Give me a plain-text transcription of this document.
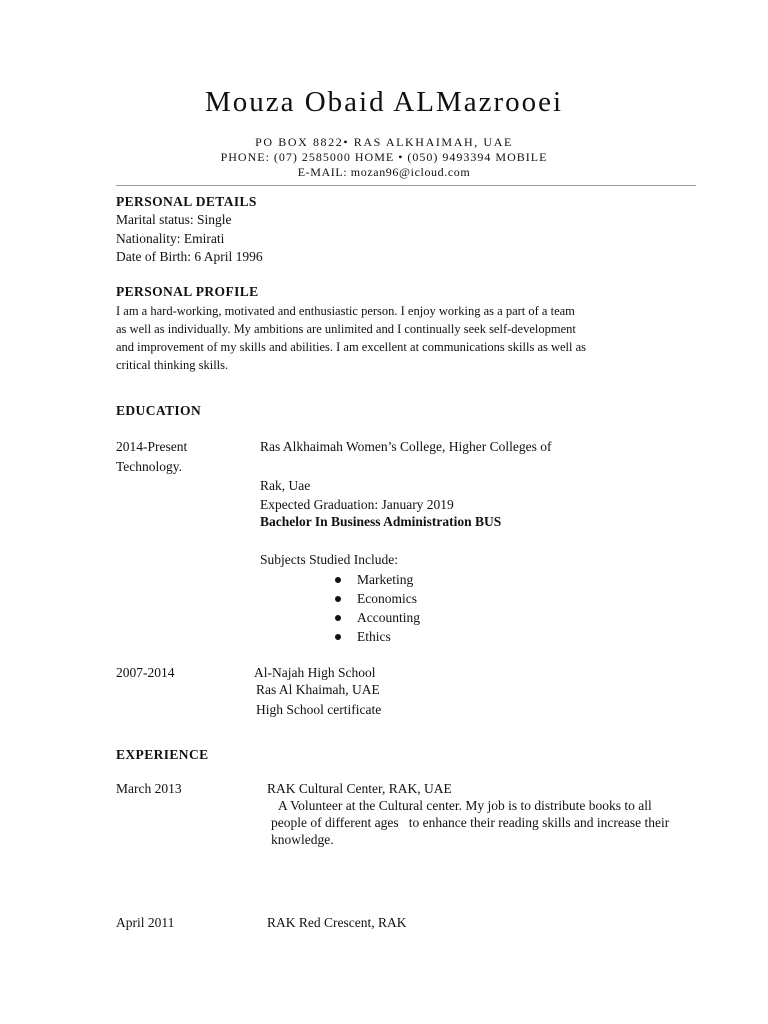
Mouza Obaid ALMazrooei
PO BOX 8822• RAS ALKHAIMAH, UAE
PHONE: (07) 2585000 HOME • (050) 9493394 MOBILE
E-MAIL: mozan96@icloud.com
PERSONAL DETAILS
Marital status: Single
Nationality: Emirati
Date of Birth: 6 April 1996
PERSONAL PROFILE
I am a hard-working, motivated and enthusiastic person. I enjoy working as a part of a team
as well as individually. My ambitions are unlimited and I continually seek self-development
and improvement of my skills and abilities. I am excellent at communications skills as well as
critical thinking skills.
EDUCATION
2014-Present	Ras Alkhaimah Women’s College, Higher Colleges of
Technology.
Rak, Uae
Expected Graduation: January 2019
Bachelor In Business Administration BUS
Subjects Studied Include:
Marketing
Economics
Accounting
Ethics
2007-2014	Al-Najah High School
Ras Al Khaimah, UAE
High School certificate
EXPERIENCE
March 2013	RAK Cultural Center, RAK, UAE
A Volunteer at the Cultural center. My job is to distribute books to all
people of different ages   to enhance their reading skills and increase their
knowledge.
April 2011	RAK Red Crescent, RAK
